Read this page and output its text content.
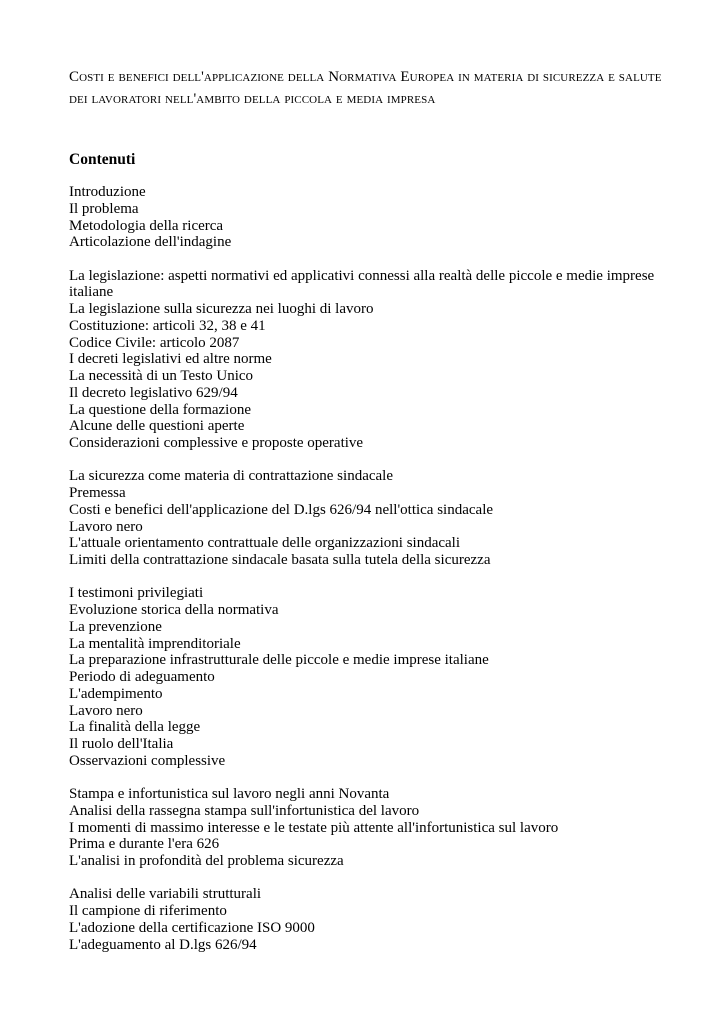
Costi e benefici dell'applicazione della Normativa Europea in materia di sicurezza e salute dei lavoratori nell'ambito della piccola e media impresa
Contenuti
Introduzione
Il problema
Metodologia della ricerca
Articolazione dell'indagine
La legislazione: aspetti normativi ed applicativi connessi alla realtà delle piccole e medie imprese italiane
La legislazione sulla sicurezza nei luoghi di lavoro
Costituzione: articoli 32, 38 e 41
Codice Civile: articolo 2087
I decreti legislativi ed altre norme
La necessità di un Testo Unico
Il decreto legislativo 629/94
La questione della formazione
Alcune delle questioni aperte
Considerazioni complessive e proposte operative
La sicurezza come materia di contrattazione sindacale
Premessa
Costi e benefici dell'applicazione del D.lgs 626/94 nell'ottica sindacale
Lavoro nero
L'attuale orientamento contrattuale delle organizzazioni sindacali
Limiti della contrattazione sindacale basata sulla tutela della sicurezza
I testimoni privilegiati
Evoluzione storica della normativa
La prevenzione
La mentalità imprenditoriale
La preparazione infrastrutturale delle piccole e medie imprese italiane
Periodo di adeguamento
L'adempimento
Lavoro nero
La finalità della legge
Il ruolo dell'Italia
Osservazioni complessive
Stampa e infortunistica sul lavoro negli anni Novanta
Analisi della rassegna stampa sull'infortunistica del lavoro
I momenti di massimo interesse e le testate più attente all'infortunistica sul lavoro
Prima e durante l'era 626
L'analisi in profondità del problema sicurezza
Analisi delle variabili strutturali
Il campione di riferimento
L'adozione della certificazione ISO 9000
L'adeguamento al D.lgs 626/94
